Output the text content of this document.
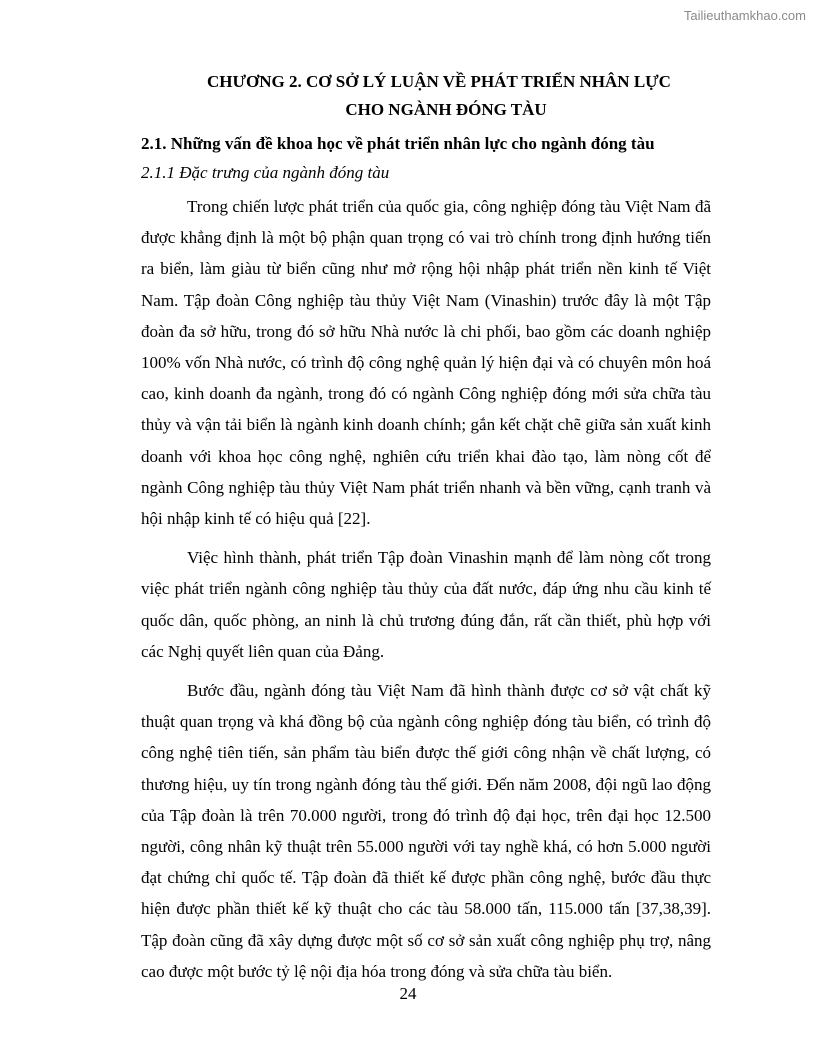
Tailieuthamkhao.com
CHƯƠNG 2. CƠ SỞ LÝ LUẬN VỀ PHÁT TRIỂN NHÂN LỰC
CHO NGÀNH ĐÓNG TÀU
2.1. Những vấn đề khoa học về phát triển nhân lực cho ngành đóng tàu
2.1.1 Đặc trưng của ngành đóng tàu

Trong chiến lược phát triển của quốc gia, công nghiệp đóng tàu Việt Nam đã được khẳng định là một bộ phận quan trọng có vai trò chính trong định hướng tiến ra biển, làm giàu từ biển cũng như mở rộng hội nhập phát triển nền kinh tế Việt Nam. Tập đoàn Công nghiệp tàu thủy Việt Nam (Vinashin) trước đây là một Tập đoàn đa sở hữu, trong đó sở hữu Nhà nước là chi phối, bao gồm các doanh nghiệp 100% vốn Nhà nước, có trình độ công nghệ quản lý hiện đại và có chuyên môn hoá cao, kinh doanh đa ngành, trong đó có ngành Công nghiệp đóng mới sửa chữa tàu thủy và vận tải biển là ngành kinh doanh chính; gắn kết chặt chẽ giữa sản xuất kinh doanh với khoa học công nghệ, nghiên cứu triển khai đào tạo, làm nòng cốt để ngành Công nghiệp tàu thủy Việt Nam phát triển nhanh và bền vững, cạnh tranh và hội nhập kinh tế có hiệu quả [22].

Việc hình thành, phát triển Tập đoàn Vinashin mạnh để làm nòng cốt trong việc phát triển ngành công nghiệp tàu thủy của đất nước, đáp ứng nhu cầu kinh tế quốc dân, quốc phòng, an ninh là chủ trương đúng đắn, rất cần thiết, phù hợp với các Nghị quyết liên quan của Đảng.

Bước đầu, ngành đóng tàu Việt Nam đã hình thành được cơ sở vật chất kỹ thuật quan trọng và khá đồng bộ của ngành công nghiệp đóng tàu biển, có trình độ công nghệ tiên tiến, sản phẩm tàu biển được thế giới công nhận về chất lượng, có thương hiệu, uy tín trong ngành đóng tàu thế giới. Đến năm 2008, đội ngũ lao động của Tập đoàn là trên 70.000 người, trong đó trình độ đại học, trên đại học 12.500 người, công nhân kỹ thuật trên 55.000 người với tay nghề khá, có hơn 5.000 người đạt chứng chỉ quốc tế. Tập đoàn đã thiết kế được phần công nghệ, bước đầu thực hiện được phần thiết kế kỹ thuật cho các tàu 58.000 tấn, 115.000 tấn [37,38,39]. Tập đoàn cũng đã xây dựng được một số cơ sở sản xuất công nghiệp phụ trợ, nâng cao được một bước tỷ lệ nội địa hóa trong đóng và sửa chữa tàu biển.

24
